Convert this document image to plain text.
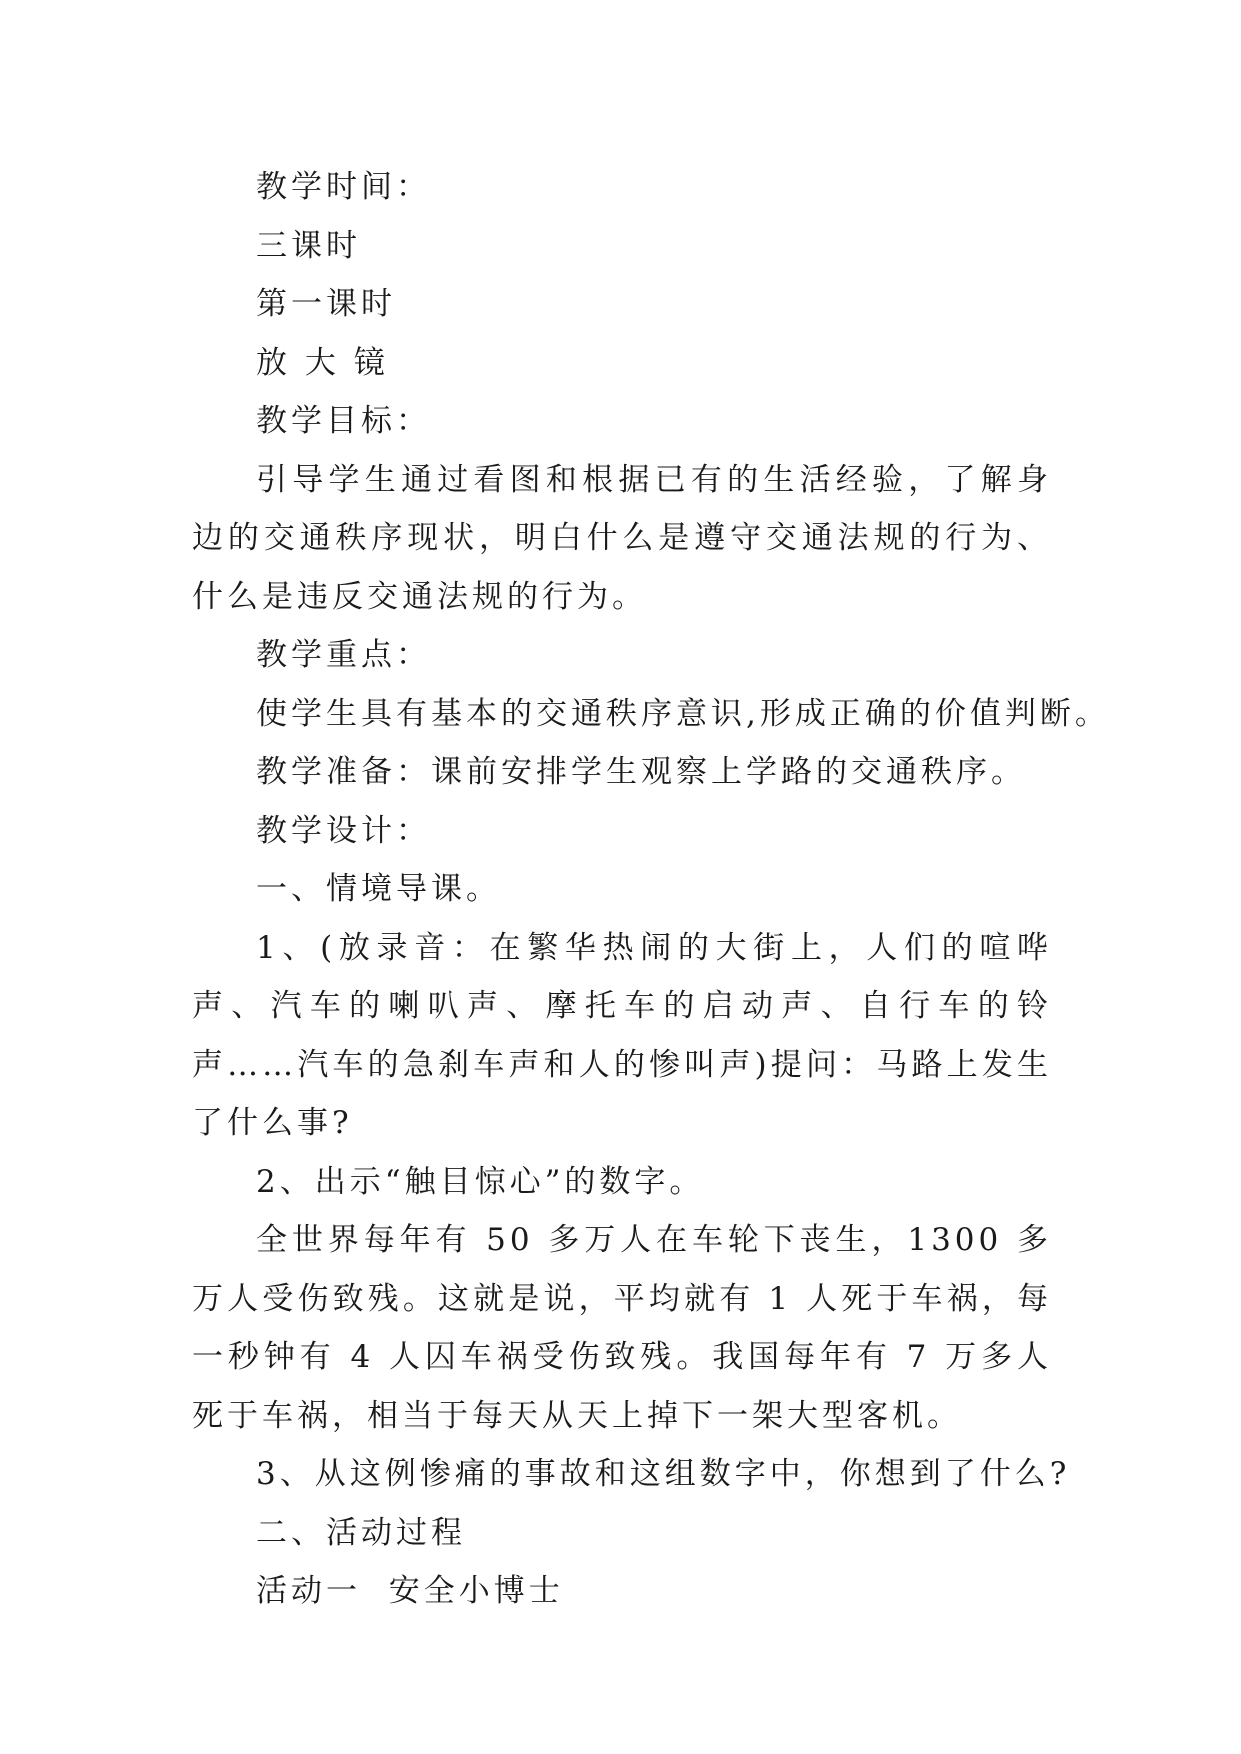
教学时间：

三课时

第一课时

放 大 镜

教学目标：

引导学生通过看图和根据已有的生活经验，了解身边的交通秩序现状，明白什么是遵守交通法规的行为、什么是违反交通法规的行为。

教学重点：

使学生具有基本的交通秩序意识,形成正确的价值判断。

教学准备：课前安排学生观察上学路的交通秩序。

教学设计：

一、情境导课。

1、(放录音：在繁华热闹的大街上，人们的喧哗声、汽车的喇叭声、摩托车的启动声、自行车的铃声……汽车的急刹车声和人的惨叫声)提问：马路上发生了什么事?

2、出示“触目惊心”的数字。

全世界每年有 50 多万人在车轮下丧生，1300 多万人受伤致残。这就是说，平均就有 1 人死于车祸，每一秒钟有 4 人囚车祸受伤致残。我国每年有 7 万多人死于车祸，相当于每天从天上掉下一架大型客机。

3、从这例惨痛的事故和这组数字中，你想到了什么?

二、活动过程

活动一  安全小博士
